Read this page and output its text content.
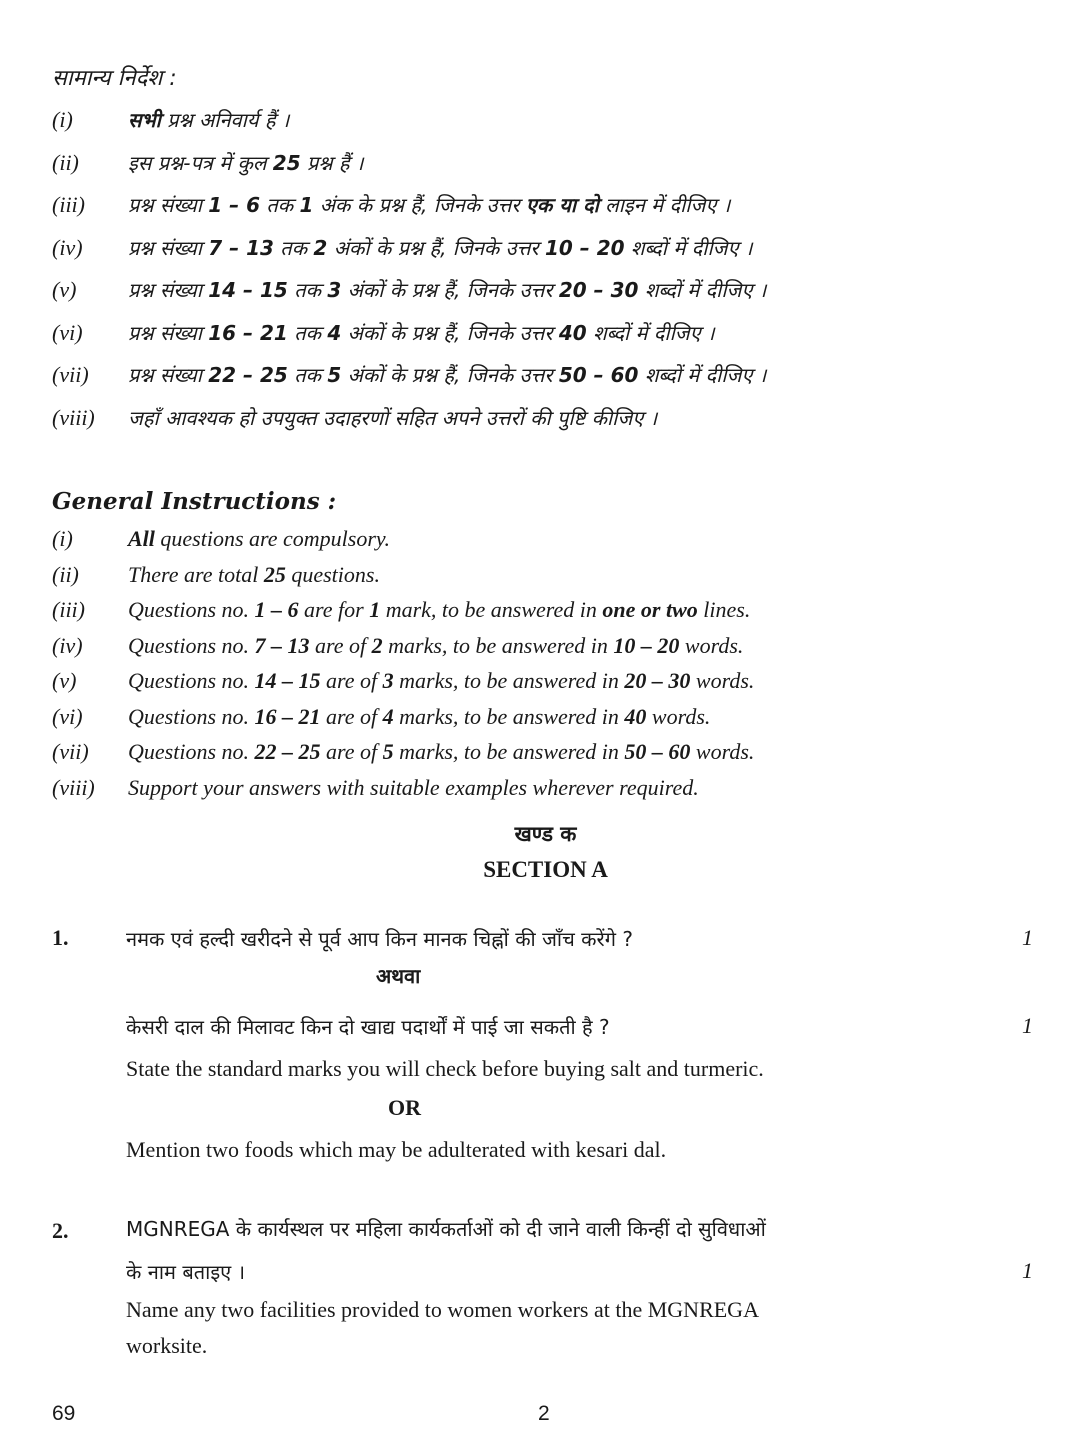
सामान्य निर्देश :
(i)	सभी प्रश्न अनिवार्य हैं ।
(ii)	इस प्रश्न-पत्र में कुल 25 प्रश्न हैं ।
(iii)	प्रश्न संख्या 1 – 6 तक 1 अंक के प्रश्न हैं, जिनके उत्तर एक या दो लाइन में दीजिए ।
(iv)	प्रश्न संख्या 7 – 13 तक 2 अंकों के प्रश्न हैं, जिनके उत्तर 10 – 20 शब्दों में दीजिए ।
(v)	प्रश्न संख्या 14 – 15 तक 3 अंकों के प्रश्न हैं, जिनके उत्तर 20 – 30 शब्दों में दीजिए ।
(vi)	प्रश्न संख्या 16 – 21 तक 4 अंकों के प्रश्न हैं, जिनके उत्तर 40 शब्दों में दीजिए ।
(vii)	प्रश्न संख्या 22 – 25 तक 5 अंकों के प्रश्न हैं, जिनके उत्तर 50 – 60 शब्दों में दीजिए ।
(viii)	जहाँ आवश्यक हो उपयुक्त उदाहरणों सहित अपने उत्तरों की पुष्टि कीजिए ।
General Instructions :
(i)	All questions are compulsory.
(ii)	There are total 25 questions.
(iii)	Questions no. 1 – 6 are for 1 mark, to be answered in one or two lines.
(iv)	Questions no. 7 – 13 are of 2 marks, to be answered in 10 – 20 words.
(v)	Questions no. 14 – 15 are of 3 marks, to be answered in 20 – 30 words.
(vi)	Questions no. 16 – 21 are of 4 marks, to be answered in 40 words.
(vii)	Questions no. 22 – 25 are of 5 marks, to be answered in 50 – 60 words.
(viii)	Support your answers with suitable examples wherever required.
खण्ड क
SECTION A
1.	नमक एवं हल्दी खरीदने से पूर्व आप किन मानक चिह्नों की जाँच करेंगे ?	1
अथवा
केसरी दाल की मिलावट किन दो खाद्य पदार्थों में पाई जा सकती है ?	1
State the standard marks you will check before buying salt and turmeric.
OR
Mention two foods which may be adulterated with kesari dal.
2.	MGNREGA के कार्यस्थल पर महिला कार्यकर्ताओं को दी जाने वाली किन्हीं दो सुविधाओं
के नाम बताइए ।	1
Name any two facilities provided to women workers at the MGNREGA
worksite.
69	2
